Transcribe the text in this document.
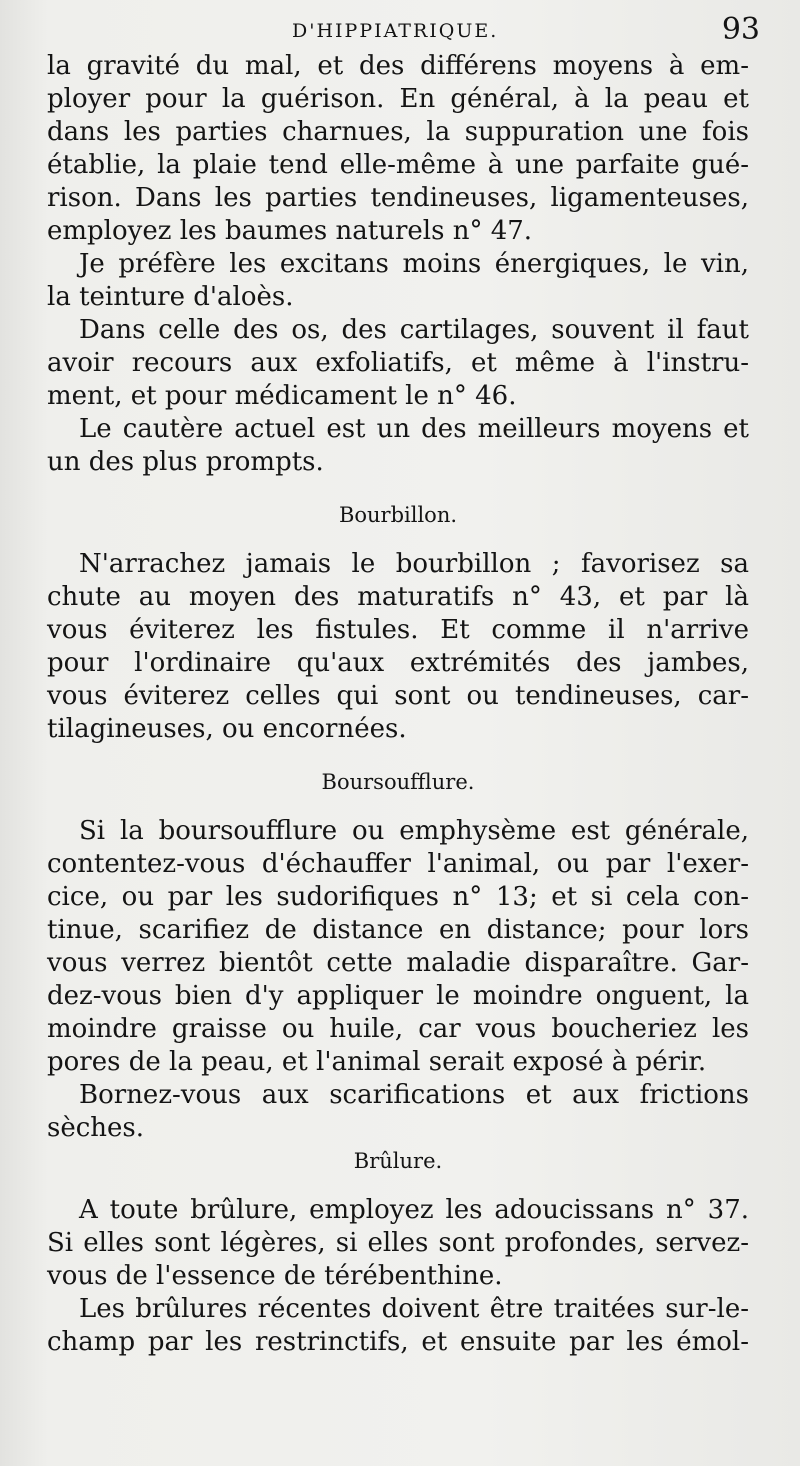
D'HIPPIATRIQUE.	93

la gravité du mal, et des différens moyens à em-

ployer pour la guérison. En général, à la peau et

dans les parties charnues, la suppuration une fois

établie, la plaie tend elle-même à une parfaite gué-

rison. Dans les parties tendineuses, ligamenteuses,

employez les baumes naturels n° 47.

Je préfère les excitans moins énergiques, le vin,

la teinture d'aloès.

Dans celle des os, des cartilages, souvent il faut

avoir recours aux exfoliatifs, et même à l'instru-

ment, et pour médicament le n° 46.

Le cautère actuel est un des meilleurs moyens et

un des plus prompts.

Bourbillon.

N'arrachez jamais le bourbillon ; favorisez sa

chute au moyen des maturatifs n° 43, et par là

vous éviterez les fistules. Et comme il n'arrive

pour l'ordinaire qu'aux extrémités des jambes,

vous éviterez celles qui sont ou tendineuses, car-

tilagineuses, ou encornées.

Boursoufflure.

Si la boursoufflure ou emphysème est générale,

contentez-vous d'échauffer l'animal, ou par l'exer-

cice, ou par les sudorifiques n° 13; et si cela con-

tinue, scarifiez de distance en distance; pour lors

vous verrez bientôt cette maladie disparaître. Gar-

dez-vous bien d'y appliquer le moindre onguent, la

moindre graisse ou huile, car vous boucheriez les

pores de la peau, et l'animal serait exposé à périr.

Bornez-vous aux scarifications et aux frictions

sèches.

Brûlure.

A toute brûlure, employez les adoucissans n° 37.

Si elles sont légères, si elles sont profondes, servez-

vous de l'essence de térébenthine.

Les brûlures récentes doivent être traitées sur-le-

champ par les restrinctifs, et ensuite par les émol-
